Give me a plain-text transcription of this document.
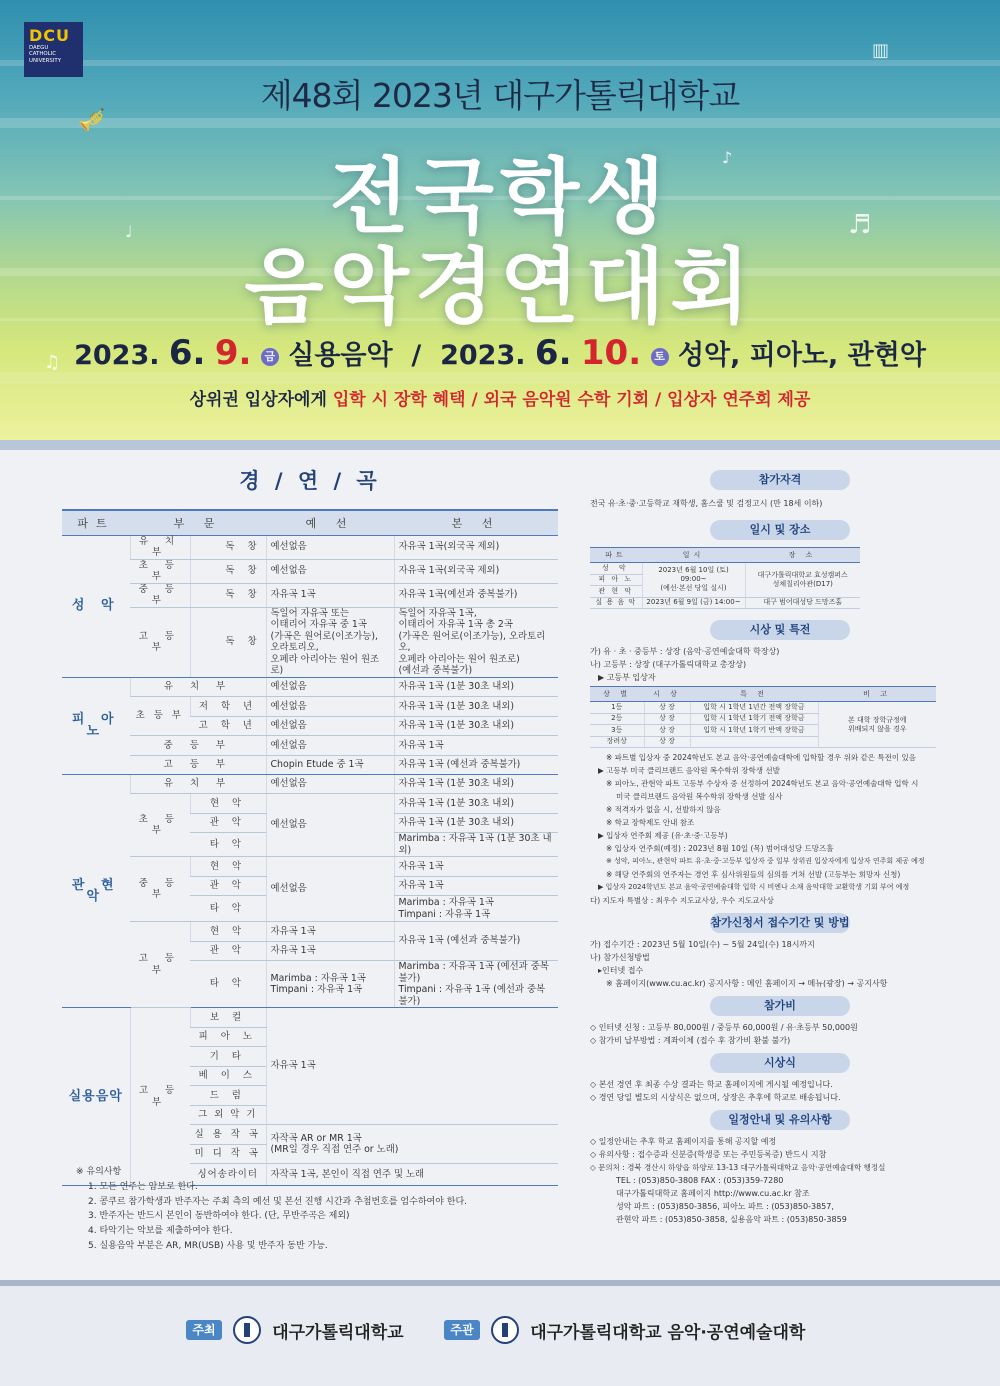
DCU
DAEGU
CATHOLIC
UNIVERSITY
🎺
▥
♩
♪
♬
♫
제48회 2023년 대구가톨릭대학교
전국학생
음악경연대회
2023. 6. 9. 금 실용음악 / 2023. 6. 10. 토 성악, 피아노, 관현악
상위권 입상자에게 입학 시 장학 혜택 / 외국 음악원 수학 기회 / 입상자 연주회 제공
경 / 연 / 곡
파트	부 문		예 선	본 선
성 악	유 치 부	독 창	예선없음	자유곡 1곡(외국곡 제외)
	초 등 부	독 창	예선없음	자유곡 1곡(외국곡 제외)
	중 등 부	독 창	자유곡 1곡	자유곡 1곡(예선과 중복불가)
	고 등 부	독 창	독일어 자유곡 또는
이태리어 자유곡 중 1곡
(가곡은 원어로(이조가능),
오라토리오,
오페라 아리아는 원어 원조로)	독일어 자유곡 1곡,
이태리어 자유곡 1곡 총 2곡
(가곡은 원어로(이조가능), 오라토리오,
오페라 아리아는 원어 원조로)
(예선과 중복불가)
피 아 노	유 치 부		예선없음	자유곡 1곡 (1분 30초 내외)
	초 등 부	저 학 년	예선없음	자유곡 1곡 (1분 30초 내외)
		고 학 년	예선없음	자유곡 1곡 (1분 30초 내외)
	중 등 부		예선없음	자유곡 1곡
	고 등 부		Chopin Etude 중 1곡	자유곡 1곡 (예선과 중복불가)
관 현 악	유 치 부		예선없음	자유곡 1곡 (1분 30초 내외)
	초 등 부	현 악	예선없음	자유곡 1곡 (1분 30초 내외)
		관 악		자유곡 1곡 (1분 30초 내외)
		타 악		Marimba : 자유곡 1곡 (1분 30초 내외)
	중 등 부	현 악	예선없음	자유곡 1곡
		관 악		자유곡 1곡
		타 악		Marimba : 자유곡 1곡
Timpani : 자유곡 1곡
	고 등 부	현 악	자유곡 1곡	자유곡 1곡 (예선과 중복불가)
		관 악	자유곡 1곡	
		타 악	Marimba : 자유곡 1곡
Timpani : 자유곡 1곡	Marimba : 자유곡 1곡 (예선과 중복불가)
Timpani : 자유곡 1곡 (예선과 중복불가)
실용음악	고 등 부	보 컬	자유곡 1곡	
		피 아 노		
		기 타		
		베 이 스		
		드 럼		
		그 외 악 기		
		실 용 작 곡	자작곡 AR or MR 1곡
(MR일 경우 직접 연주 or 노래)	
		미 디 작 곡		
		싱어송라이터	자작곡 1곡, 본인이 직접 연주 및 노래	
※ 유의사항
1. 모든 연주는 암보로 한다.
2. 콩쿠르 참가학생과 반주자는 주최 측의 예선 및 본선 진행 시간과 추첨번호를 엄수하여야 한다.
3. 반주자는 반드시 본인이 동반하여야 한다. (단, 무반주곡은 제외)
4. 타악기는 악보를 제출하여야 한다.
5. 실용음악 부분은 AR, MR(USB) 사용 및 반주자 동반 가능.
참가자격
전국 유·초·중·고등학교 재학생, 홈스쿨 및 검정고시 (만 18세 이하)
일시 및 장소
파트	일시	장 소
성 악	2023년 6월 10일 (토) 09:00~
(예선·본선 당일 실시)	대구가톨릭대학교 효성캠퍼스
성체칠리아관(D17)
피 아 노		
관 현 악		
실 용 음 악	2023년 6월 9일 (금) 14:00~	대구 범어대성당 드망즈홀
시상 및 특전
가) 유 · 초 · 중등부 : 상장 (음악·공연예술대학 학장상)
나) 고등부 : 상장 (대구가톨릭대학교 총장상)
▶ 고등부 입상자
상 별	시 상	특 전	비 고
1등	상 장	입학 시 1학년 1년간 전액 장학금	본 대학 장학규정에
위배되지 않을 경우
2등	상 장	입학 시 1학년 1학기 전액 장학금	
3등	상 장	입학 시 1학년 1학기 반액 장학금	
장려상	상 장		
※ 파트별 입상자 중 2024학년도 본교 음악·공연예술대학에 입학할 경우 위와 같은 특전이 있음
▶ 고등부 미국 클리브랜드 음악원 복수학위 장학생 선발
※ 피아노, 관현악 파트 고등부 수상자 중 선정하여 2024학년도 본교 음악·공연예술대학 입학 시
미국 클리브랜드 음악원 복수학위 장학생 선발 심사
※ 적격자가 없을 시, 선발하지 않음
※ 학교 장학제도 안내 참조
▶ 입상자 연주회 제공 (유·초·중·고등부)
※ 입상자 연주회(예정) : 2023년 8월 10일 (목) 범어대성당 드망즈홀
※ 성악, 피아노, 관현악 파트 유·초·중·고등부 입상자 중 일부 상위권 입상자에게 입상자 연주회 제공 예정
※ 해당 연주회의 연주자는 경연 후 심사위원들의 심의를 거쳐 선발 (고등부는 희망자 신청)
▶ 입상자 2024학년도 본교 음악·공연예술대학 입학 시 비엔나 소재 음악대학 교환학생 기회 부여 예정
다) 지도자 특별상 : 최우수 지도교사상, 우수 지도교사상
참가신청서 접수기간 및 방법
가) 접수기간 : 2023년 5월 10일(수) ~ 5월 24일(수) 18시까지
나) 참가신청방법
▸인터넷 접수
※ 홈페이지(www.cu.ac.kr) 공지사항 : 메인 홈페이지 → 메뉴(광장) → 공지사항
참가비
◇ 인터넷 신청 : 고등부 80,000원 / 중등부 60,000원 / 유·초등부 50,000원
◇ 참가비 납부방법 : 계좌이체 (접수 후 참가비 환불 불가)
시상식
◇ 본선 경연 후 최종 수상 결과는 학교 홈페이지에 게시될 예정입니다.
◇ 경연 당일 별도의 시상식은 없으며, 상장은 추후에 학교로 배송됩니다.
일정안내 및 유의사항
◇ 일정안내는 추후 학교 홈페이지를 통해 공지할 예정
◇ 유의사항 : 접수증과 신분증(학생증 또는 주민등록증) 반드시 지참
◇ 문의처 : 경북 경산시 하양읍 하양로 13-13 대구가톨릭대학교 음악·공연예술대학 행정실
TEL : (053)850-3808 FAX : (053)359-7280
대구가톨릭대학교 홈페이지 http://www.cu.ac.kr 참조
성악 파트 : (053)850-3856, 피아노 파트 : (053)850-3857,
관현악 파트 : (053)850-3858, 실용음악 파트 : (053)850-3859
주최	대구가톨릭대학교	주관	대구가톨릭대학교 음악·공연예술대학
